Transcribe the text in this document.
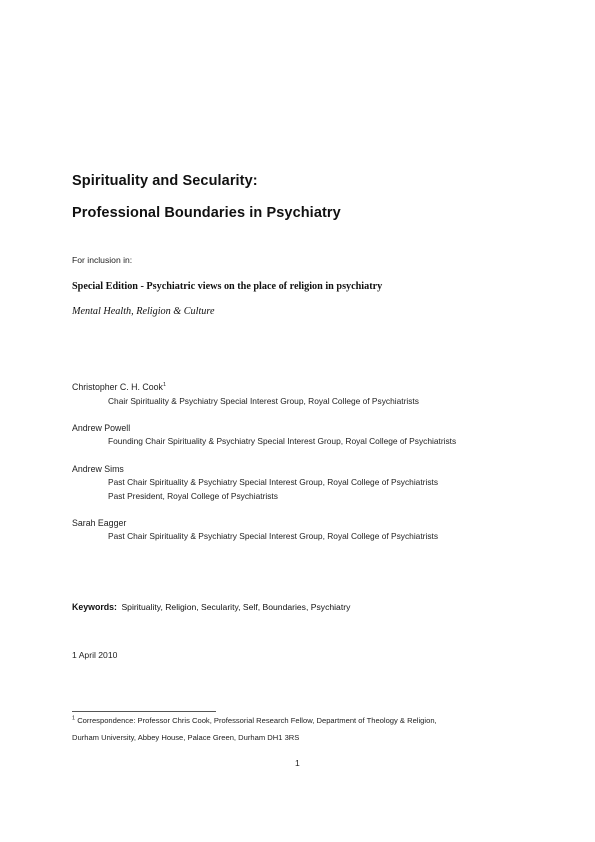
Spirituality and Secularity:
Professional Boundaries in Psychiatry
For inclusion in:
Special Edition - Psychiatric views on the place of religion in psychiatry
Mental Health, Religion & Culture
Christopher C. H. Cook$^1$
Chair Spirituality & Psychiatry Special Interest Group, Royal College of Psychiatrists
Andrew Powell
Founding Chair Spirituality & Psychiatry Special Interest Group, Royal College of Psychiatrists
Andrew Sims
Past Chair Spirituality & Psychiatry Special Interest Group, Royal College of Psychiatrists
Past President, Royal College of Psychiatrists
Sarah Eagger
Past Chair Spirituality & Psychiatry Special Interest Group, Royal College of Psychiatrists
Keywords: Spirituality, Religion, Secularity, Self, Boundaries, Psychiatry
1 April 2010
$^1$ Correspondence: Professor Chris Cook, Professorial Research Fellow, Department of Theology & Religion,
Durham University, Abbey House, Palace Green, Durham DH1 3RS
1
